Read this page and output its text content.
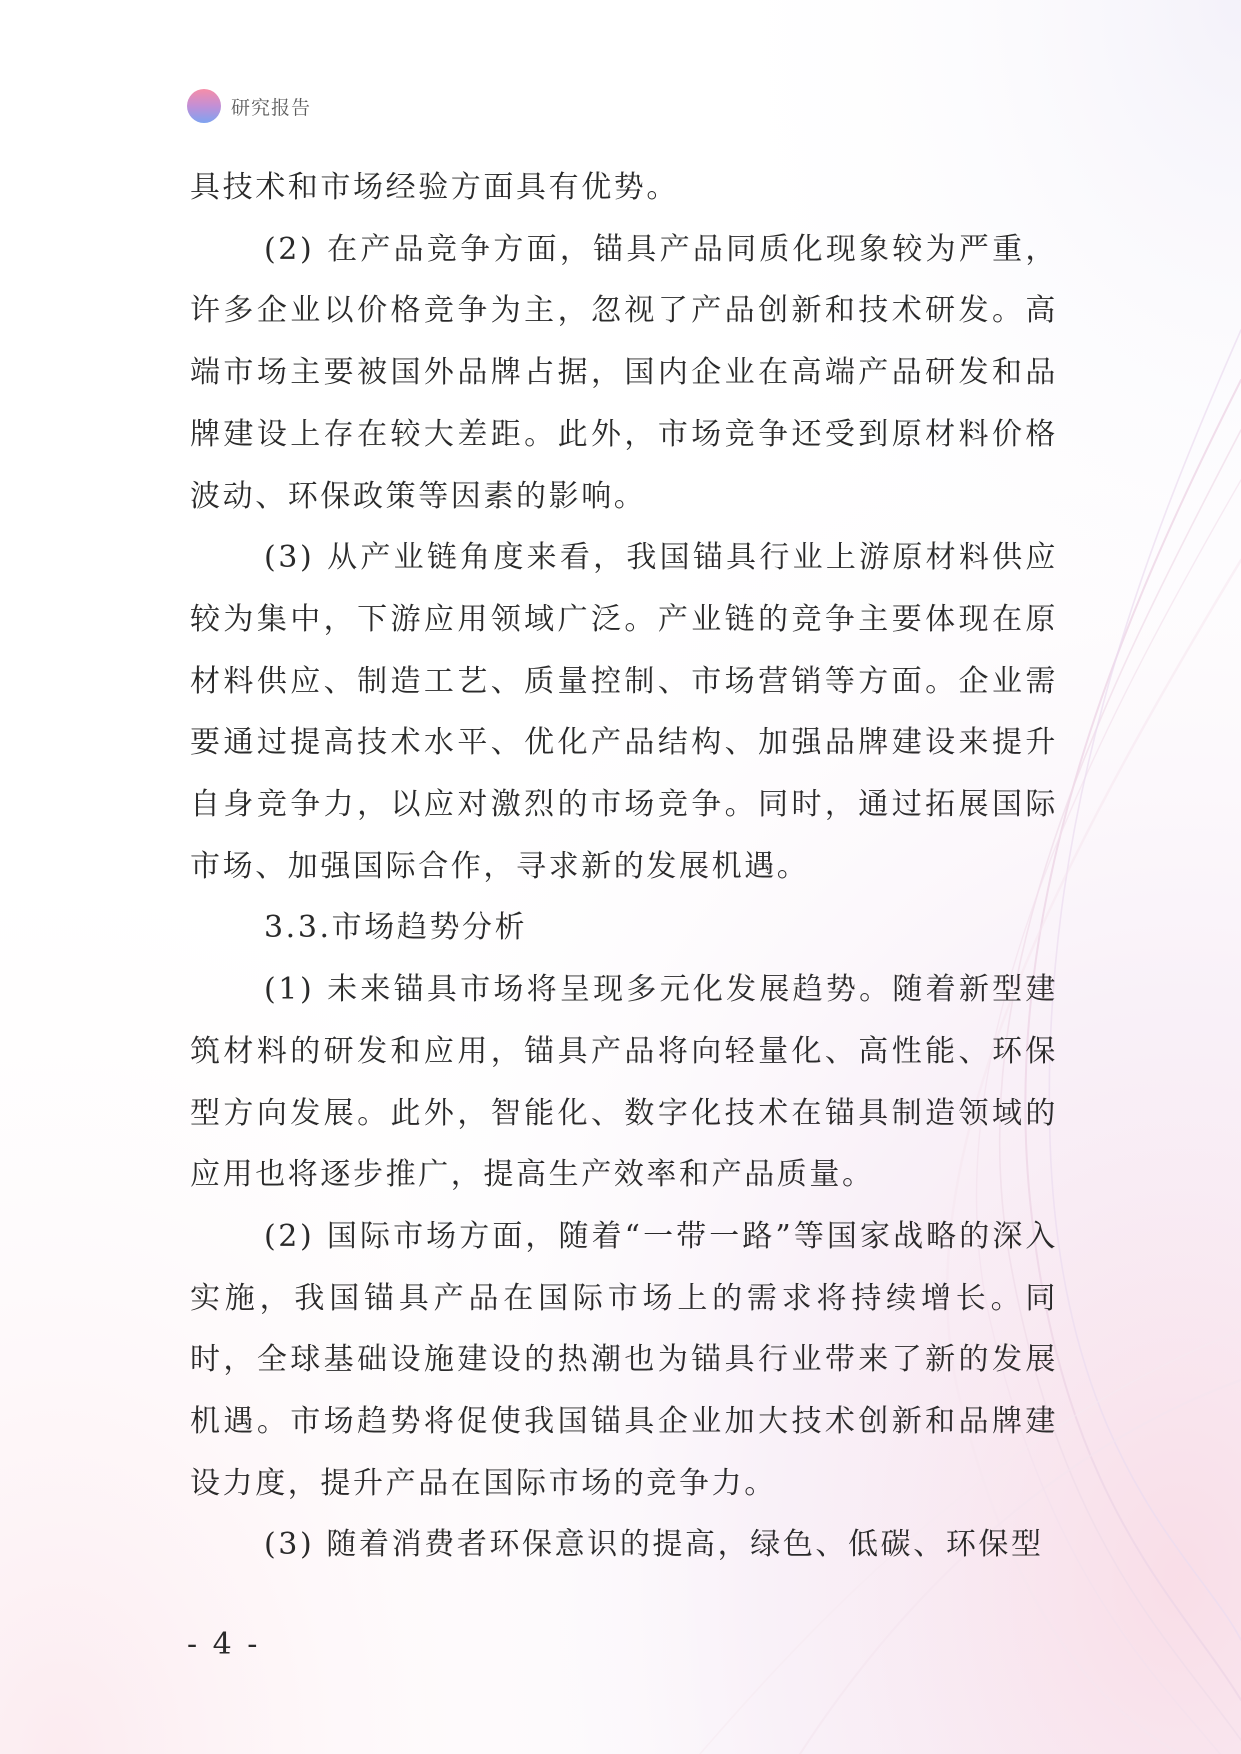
研究报告

具技术和市场经验方面具有优势。

(2) 在产品竞争方面，锚具产品同质化现象较为严重，许多企业以价格竞争为主，忽视了产品创新和技术研发。高端市场主要被国外品牌占据，国内企业在高端产品研发和品牌建设上存在较大差距。此外，市场竞争还受到原材料价格波动、环保政策等因素的影响。

(3) 从产业链角度来看，我国锚具行业上游原材料供应较为集中，下游应用领域广泛。产业链的竞争主要体现在原材料供应、制造工艺、质量控制、市场营销等方面。企业需要通过提高技术水平、优化产品结构、加强品牌建设来提升自身竞争力，以应对激烈的市场竞争。同时，通过拓展国际市场、加强国际合作，寻求新的发展机遇。

3.3.市场趋势分析

(1) 未来锚具市场将呈现多元化发展趋势。随着新型建筑材料的研发和应用，锚具产品将向轻量化、高性能、环保型方向发展。此外，智能化、数字化技术在锚具制造领域的应用也将逐步推广，提高生产效率和产品质量。

(2) 国际市场方面，随着“一带一路”等国家战略的深入实施，我国锚具产品在国际市场上的需求将持续增长。同时，全球基础设施建设的热潮也为锚具行业带来了新的发展机遇。市场趋势将促使我国锚具企业加大技术创新和品牌建设力度，提升产品在国际市场的竞争力。

(3) 随着消费者环保意识的提高，绿色、低碳、环保型

- 4 -
